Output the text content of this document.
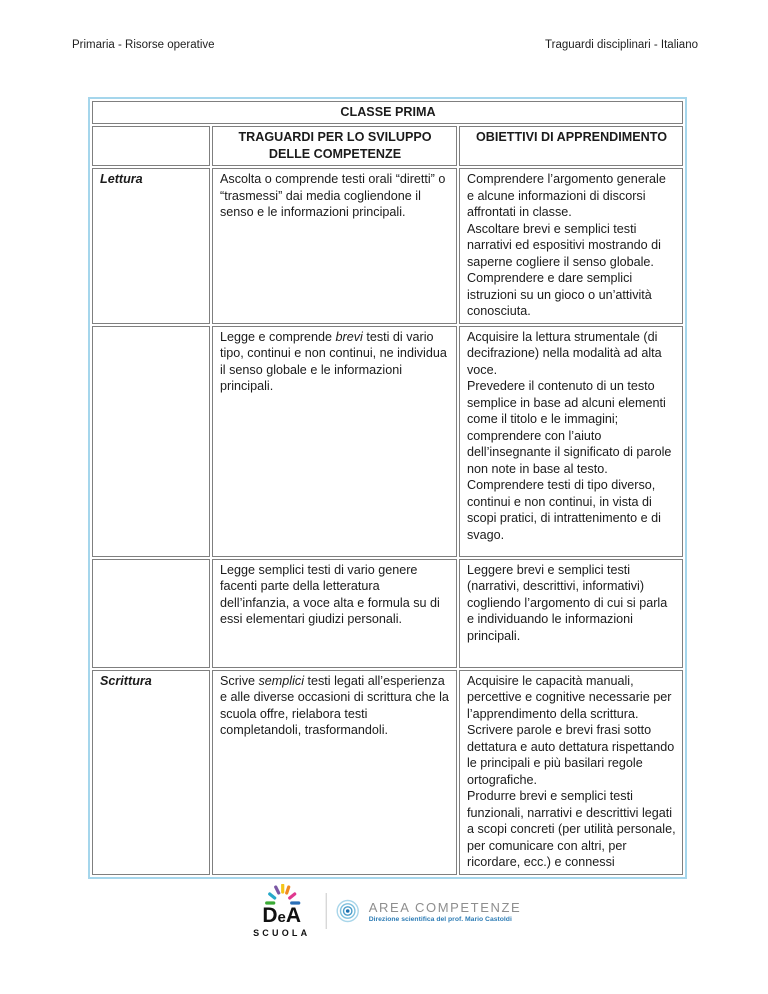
Primaria - Risorse operative	Traguardi disciplinari - Italiano
CLASSE PRIMA		
	TRAGUARDI PER LO SVILUPPO DELLE COMPETENZE	OBIETTIVI DI APPRENDIMENTO
Lettura	Ascolta o comprende testi orali “diretti” o “trasmessi” dai media cogliendone il senso e le informazioni principali.	Comprendere l’argomento generale e alcune informazioni di discorsi affrontati in classe.
Ascoltare brevi e semplici testi narrativi ed espositivi mostrando di saperne cogliere il senso globale.
Comprendere e dare semplici istruzioni su un gioco o un’attività conosciuta.
	Legge e comprende brevi testi di vario tipo, continui e non continui, ne individua il senso globale e le informazioni principali.	Acquisire la lettura strumentale (di decifrazione) nella modalità ad alta voce.
Prevedere il contenuto di un testo semplice in base ad alcuni elementi come il titolo e le immagini; comprendere con l’aiuto dell’insegnante il significato di parole non note in base al testo.
Comprendere testi di tipo diverso, continui e non continui, in vista di scopi pratici, di intrattenimento e di svago.
	Legge semplici testi di vario genere facenti parte della letteratura dell’infanzia, a voce alta e formula su di essi elementari giudizi personali.	Leggere brevi e semplici testi (narrativi, descrittivi, informativi) cogliendo l’argomento di cui si parla e individuando le informazioni principali.
Scrittura	Scrive semplici testi legati all’esperienza e alle diverse occasioni di scrittura che la scuola offre, rielabora testi completandoli, trasformandoli.	Acquisire le capacità manuali, percettive e cognitive necessarie per l’apprendimento della scrittura.
Scrivere parole e brevi frasi sotto dettatura e auto dettatura rispettando le principali e più basilari regole ortografiche.
Produrre brevi e semplici testi funzionali, narrativi e descrittivi legati a scopi concreti (per utilità personale, per comunicare con altri, per ricordare, ecc.) e connessi
DeA
SCUOLA
AREA COMPETENZE
Direzione scientifica del prof. Mario Castoldi
